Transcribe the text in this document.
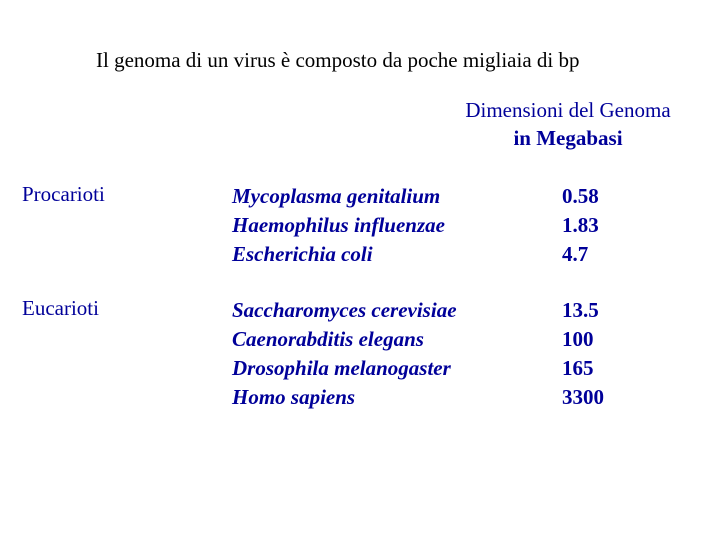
Il genoma di un virus è composto da poche migliaia di bp
Dimensioni del Genoma
in Megabasi
Procarioti	Mycoplasma genitalium
Haemophilus influenzae
Escherichia coli
0.58
1.83
4.7
Eucarioti	Saccharomyces cerevisiae
Caenorabditis elegans
Drosophila melanogaster
Homo sapiens
13.5
100
165
3300
